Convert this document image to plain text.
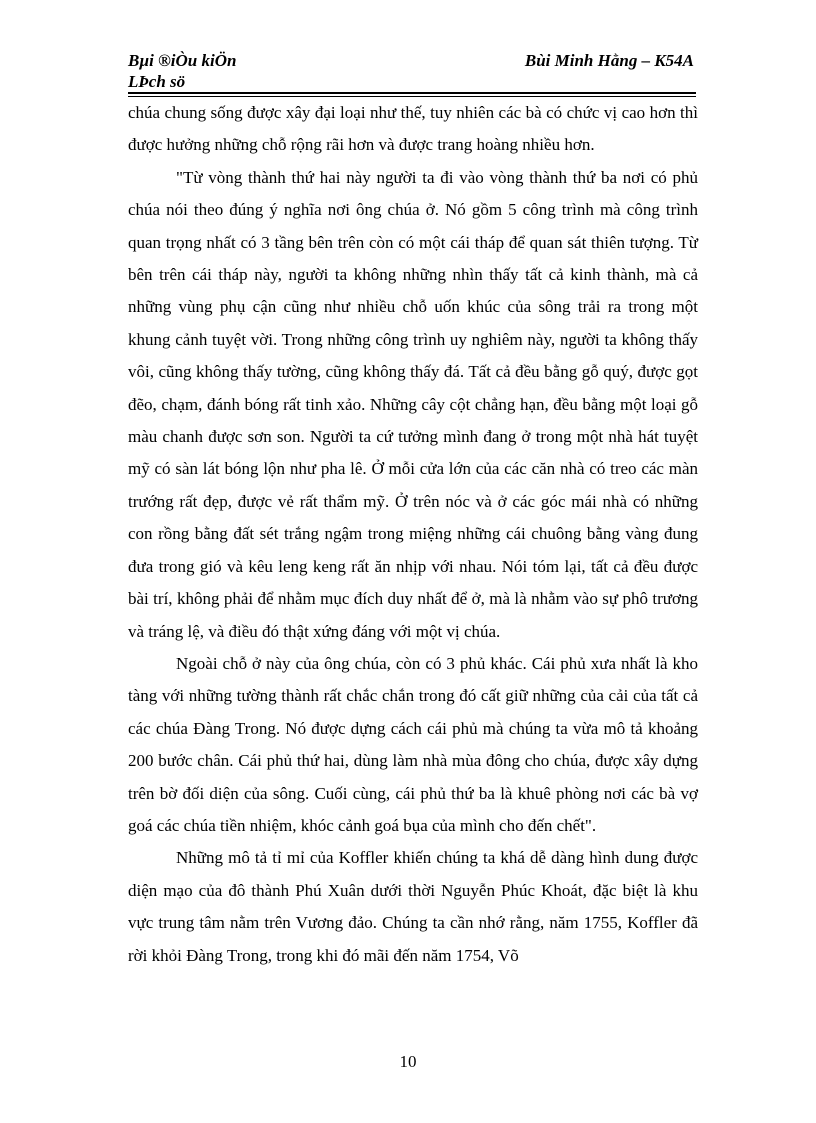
Bµi ®iÒu kiÖn
LÞch sö
Bùi Minh Hằng – K54A

chúa chung sống được xây đại loại như thế, tuy nhiên các bà có chức vị cao hơn thì được hưởng những chỗ rộng rãi hơn và được trang hoàng nhiều hơn.

"Từ vòng thành thứ hai này người ta đi vào vòng thành thứ ba nơi có phủ chúa nói theo đúng ý nghĩa nơi ông chúa ở. Nó gồm 5 công trình mà công trình quan trọng nhất có 3 tầng bên trên còn có một cái tháp để quan sát thiên tượng. Từ bên trên cái tháp này, người ta không những nhìn thấy tất cả kinh thành, mà cả những vùng phụ cận cũng như nhiều chỗ uốn khúc của sông trải ra trong một khung cảnh tuyệt vời. Trong những công trình uy nghiêm này, người ta không thấy vôi, cũng không thấy tường, cũng không thấy đá. Tất cả đều bằng gỗ quý, được gọt đẽo, chạm, đánh bóng rất tinh xảo. Những cây cột chẳng hạn, đều bằng một loại gỗ màu chanh được sơn son. Người ta cứ tưởng mình đang ở trong một nhà hát tuyệt mỹ có sàn lát bóng lộn như pha lê. Ở mỗi cửa lớn của các căn nhà có treo các màn trướng rất đẹp, được vẻ rất thẩm mỹ. Ở trên nóc và ở các góc mái nhà có những con rồng bằng đất sét trắng ngậm trong miệng những cái chuông bằng vàng đung đưa trong gió và kêu leng keng rất ăn nhịp với nhau. Nói tóm lại, tất cả đều được bài trí, không phải để nhằm mục đích duy nhất để ở, mà là nhằm vào sự phô trương và tráng lệ, và điều đó thật xứng đáng với một vị chúa.

Ngoài chỗ ở này của ông chúa, còn có 3 phủ khác. Cái phủ xưa nhất là kho tàng với những tường thành rất chắc chắn trong đó cất giữ những của cải của tất cả các chúa Đàng Trong. Nó được dựng cách cái phủ mà chúng ta vừa mô tả khoảng 200 bước chân. Cái phủ thứ hai, dùng làm nhà mùa đông cho chúa, được xây dựng trên bờ đối diện của sông. Cuối cùng, cái phủ thứ ba là khuê phòng nơi các bà vợ goá các chúa tiền nhiệm, khóc cảnh goá bụa của mình cho đến chết".

Những mô tả tỉ mỉ của Koffler khiến chúng ta khá dễ dàng hình dung được diện mạo của đô thành Phú Xuân dưới thời Nguyễn Phúc Khoát, đặc biệt là khu vực trung tâm nằm trên Vương đảo. Chúng ta cần nhớ rằng, năm 1755, Koffler đã rời khỏi Đàng Trong, trong khi đó mãi đến năm 1754, Võ

10
